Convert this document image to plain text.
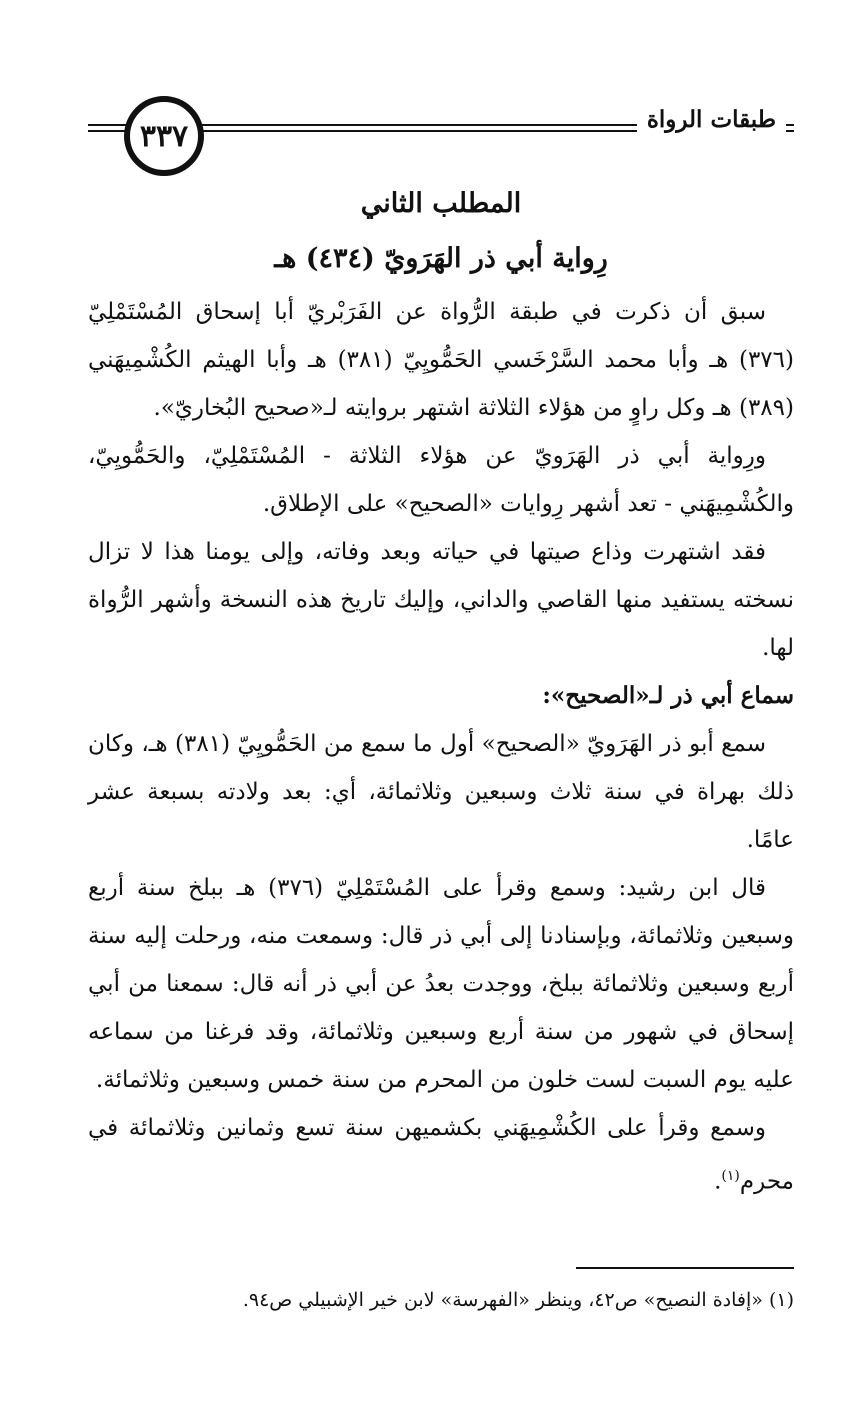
٣٣٧	طبقات الرواة
المطلب الثاني
رِواية أبي ذر الهَرَويّ (٤٣٤) هـ

سبق أن ذكرت في طبقة الرُّواة عن الفَرَبْريّ أبا إسحاق المُسْتَمْلِيّ (٣٧٦) هـ وأبا محمد السَّرْخَسي الحَمُّويِيّ (٣٨١) هـ وأبا الهيثم الكُشْمِيهَني (٣٨٩) هـ وكل راوٍ من هؤلاء الثلاثة اشتهر بروايته لـ«صحيح البُخاريّ».

ورِواية أبي ذر الهَرَويّ عن هؤلاء الثلاثة - المُسْتَمْلِيّ، والحَمُّويِيّ، والكُشْمِيهَني - تعد أشهر رِوايات «الصحيح» على الإطلاق.

فقد اشتهرت وذاع صيتها في حياته وبعد وفاته، وإلى يومنا هذا لا تزال نسخته يستفيد منها القاصي والداني، وإليك تاريخ هذه النسخة وأشهر الرُّواة لها.

سماع أبي ذر لـ«الصحيح»:

سمع أبو ذر الهَرَويّ «الصحيح» أول ما سمع من الحَمُّويِيّ (٣٨١) هـ، وكان ذلك بهراة في سنة ثلاث وسبعين وثلاثمائة، أي: بعد ولادته بسبعة عشر عامًا.

قال ابن رشيد: وسمع وقرأ على المُسْتَمْلِيّ (٣٧٦) هـ ببلخ سنة أربع وسبعين وثلاثمائة، وبإسنادنا إلى أبي ذر قال: وسمعت منه، ورحلت إليه سنة أربع وسبعين وثلاثمائة ببلخ، ووجدت بعدُ عن أبي ذر أنه قال: سمعنا من أبي إسحاق في شهور من سنة أربع وسبعين وثلاثمائة، وقد فرغنا من سماعه عليه يوم السبت لست خلون من المحرم من سنة خمس وسبعين وثلاثمائة.

وسمع وقرأ على الكُشْمِيهَني بكشميهن سنة تسع وثمانين وثلاثمائة في محرم$^{(١)}$.

(١) «إفادة النصيح» ص٤٢، وينظر «الفهرسة» لابن خير الإشبيلي ص٩٤.
